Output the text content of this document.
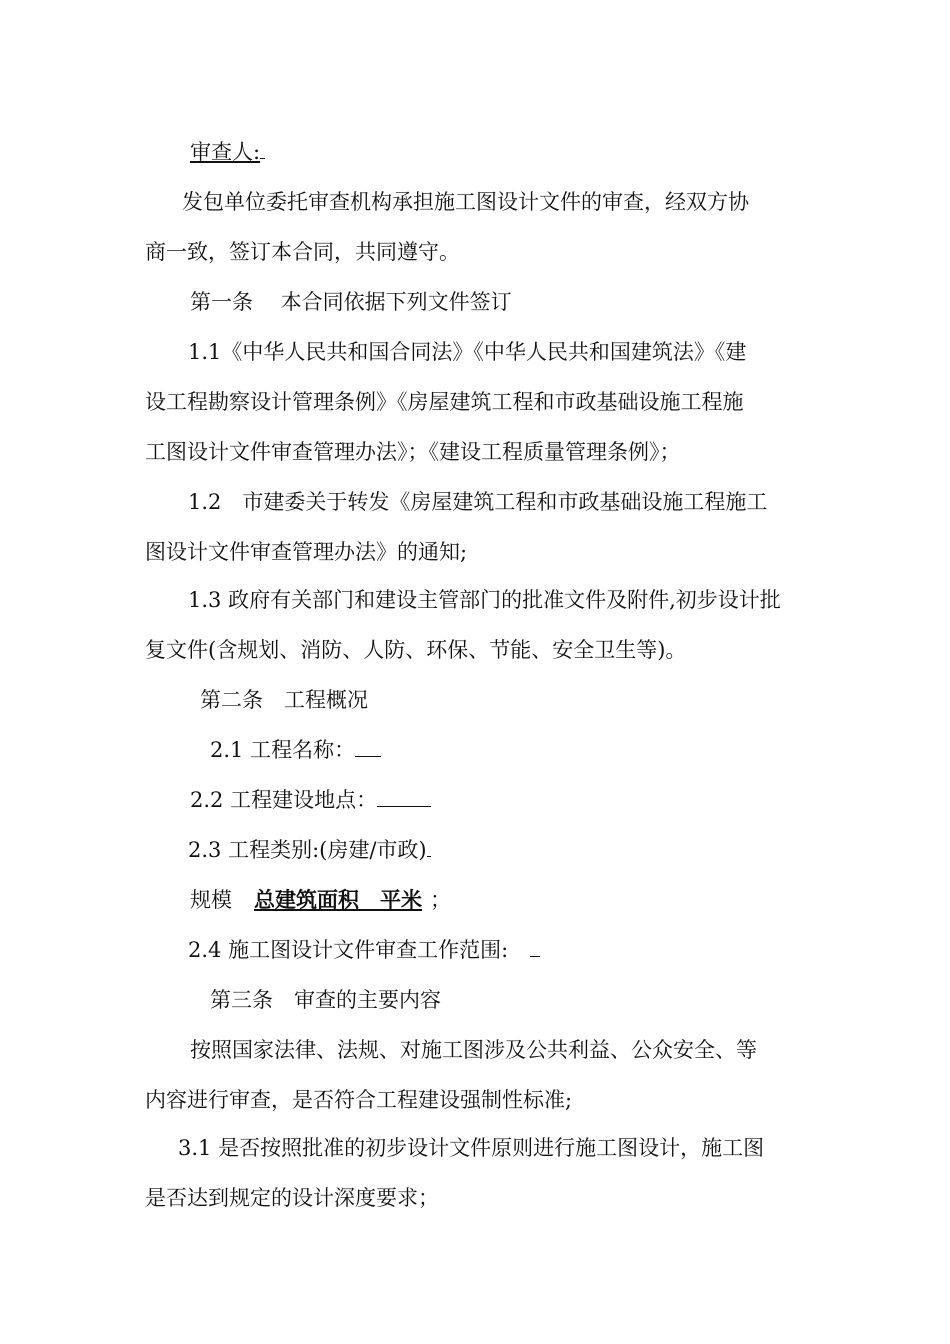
审查人:
发包单位委托审查机构承担施工图设计文件的审查，经双方协
商一致，签订本合同，共同遵守。
第一条　 本合同依据下列文件签订
1.1《中华人民共和国合同法》《中华人民共和国建筑法》《建
设工程勘察设计管理条例》《房屋建筑工程和市政基础设施工程施
工图设计文件审查管理办法》；《建设工程质量管理条例》；
1.2　市建委关于转发《房屋建筑工程和市政基础设施工程施工
图设计文件审查管理办法》的通知;
1.3 政府有关部门和建设主管部门的批准文件及附件,初步设计批
复文件(含规划、消防、人防、环保、节能、安全卫生等)。
第二条　工程概况
2.1 工程名称：
2.2 工程建设地点：
2.3 工程类别:(房建/市政)
规模 总建筑面积　平米 ；
2.4 施工图设计文件审查工作范围:
第三条　审查的主要内容
按照国家法律、法规、对施工图涉及公共利益、公众安全、等
内容进行审查，是否符合工程建设强制性标准;
3.1 是否按照批准的初步设计文件原则进行施工图设计，施工图
是否达到规定的设计深度要求；
